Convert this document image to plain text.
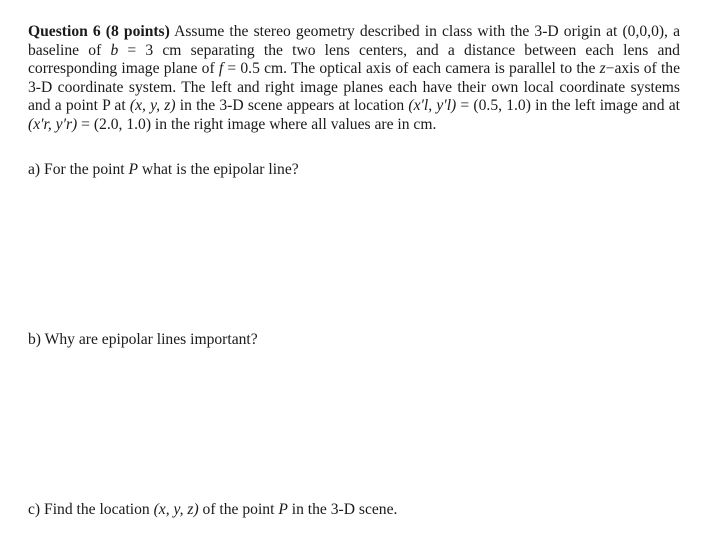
Question 6 (8 points) Assume the stereo geometry described in class with the 3-D origin at (0,0,0), a baseline of b = 3 cm separating the two lens centers, and a distance between each lens and corresponding image plane of f = 0.5 cm. The optical axis of each camera is parallel to the z−axis of the 3-D coordinate system. The left and right image planes each have their own local coordinate systems and a point P at (x, y, z) in the 3-D scene appears at location (x′l, y′l) = (0.5, 1.0) in the left image and at (x′r, y′r) = (2.0, 1.0) in the right image where all values are in cm.

a) For the point P what is the epipolar line?

b) Why are epipolar lines important?

c) Find the location (x, y, z) of the point P in the 3-D scene.
